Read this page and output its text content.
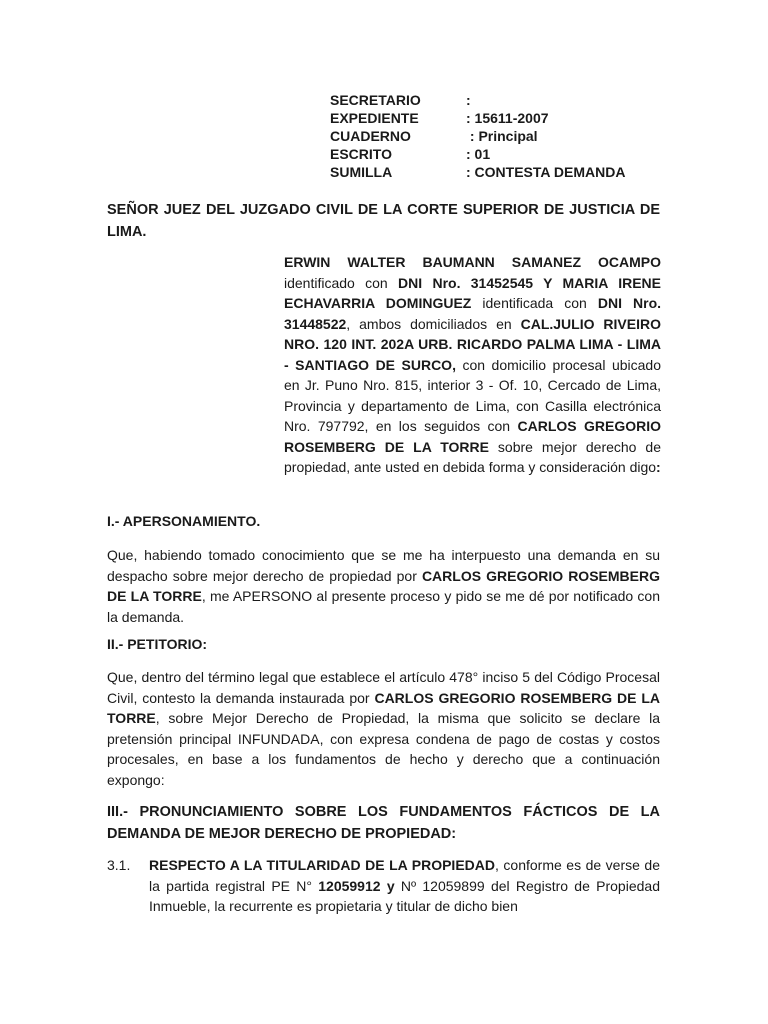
SECRETARIO	:
EXPEDIENTE	: 15611-2007
CUADERNO	: Principal
ESCRITO	: 01
SUMILLA	: CONTESTA DEMANDA
SEÑOR JUEZ DEL JUZGADO CIVIL DE LA CORTE SUPERIOR DE JUSTICIA DE LIMA.
ERWIN WALTER BAUMANN SAMANEZ OCAMPO identificado con DNI Nro. 31452545 Y MARIA IRENE ECHAVARRIA DOMINGUEZ identificada con DNI Nro. 31448522, ambos domiciliados en CAL.JULIO RIVEIRO NRO. 120 INT. 202A URB. RICARDO PALMA LIMA - LIMA - SANTIAGO DE SURCO, con domicilio procesal ubicado en Jr. Puno Nro. 815, interior 3 - Of. 10, Cercado de Lima, Provincia y departamento de Lima, con Casilla electrónica Nro. 797792, en los seguidos con CARLOS GREGORIO ROSEMBERG DE LA TORRE sobre mejor derecho de propiedad, ante usted en debida forma y consideración digo:
I.- APERSONAMIENTO.
Que, habiendo tomado conocimiento que se me ha interpuesto una demanda en su despacho sobre mejor derecho de propiedad por CARLOS GREGORIO ROSEMBERG DE LA TORRE, me APERSONO al presente proceso y pido se me dé por notificado con la demanda.
II.- PETITORIO:
Que, dentro del término legal que establece el artículo 478° inciso 5 del Código Procesal Civil, contesto la demanda instaurada por CARLOS GREGORIO ROSEMBERG DE LA TORRE, sobre Mejor Derecho de Propiedad, la misma que solicito se declare la pretensión principal INFUNDADA, con expresa condena de pago de costas y costos procesales, en base a los fundamentos de hecho y derecho que a continuación expongo:
III.- PRONUNCIAMIENTO SOBRE LOS FUNDAMENTOS FÁCTICOS DE LA DEMANDA DE MEJOR DERECHO DE PROPIEDAD:
3.1.	RESPECTO A LA TITULARIDAD DE LA PROPIEDAD, conforme es de verse de la partida registral PE N° 12059912 y Nº 12059899 del Registro de Propiedad Inmueble, la recurrente es propietaria y titular de dicho bien
